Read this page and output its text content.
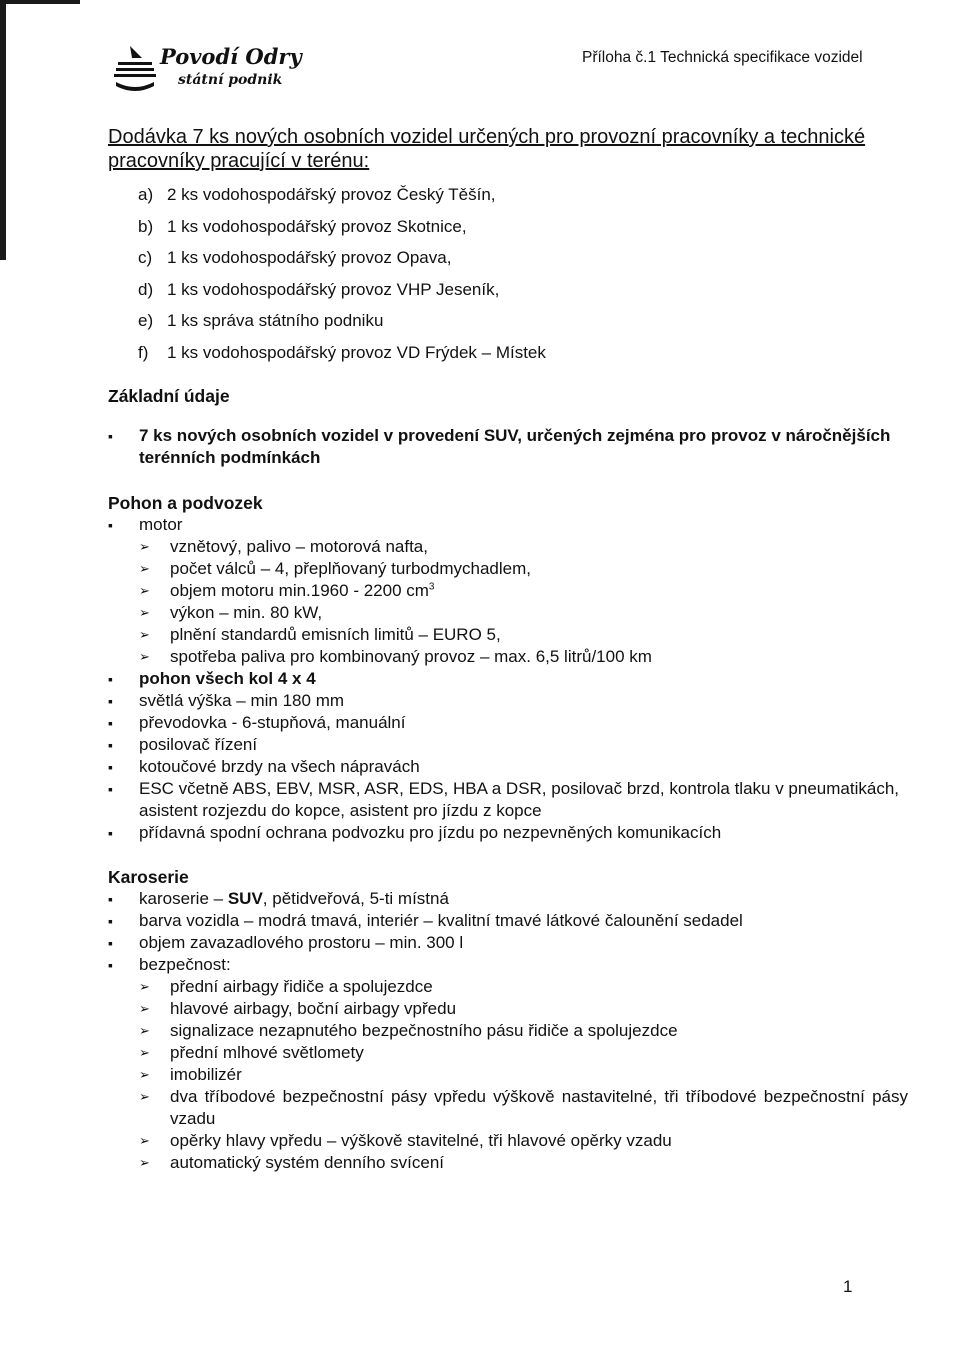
Povodí Odry
státní podnik
Příloha č.1 Technická specifikace vozidel
Dodávka 7 ks nových osobních vozidel určených pro provozní pracovníky a technické pracovníky pracující v terénu:
a) 2 ks vodohospodářský provoz Český Těšín,
b) 1 ks vodohospodářský provoz Skotnice,
c) 1 ks vodohospodářský provoz Opava,
d) 1 ks vodohospodářský provoz VHP Jeseník,
e) 1 ks správa státního podniku
f) 1 ks vodohospodářský provoz VD Frýdek – Místek
Základní údaje
▪ 7 ks nových osobních vozidel v provedení SUV, určených zejména pro provoz v náročnějších terénních podmínkách
Pohon a podvozek
▪ motor
➢ vznětový, palivo – motorová nafta,
➢ počet válců – 4, přeplňovaný turbodmychadlem,
➢ objem motoru min.1960 - 2200 $cm^3$
➢ výkon – min. 80 kW,
➢ plnění standardů emisních limitů – EURO 5,
➢ spotřeba paliva pro kombinovaný provoz – max. 6,5 litrů/100 km
▪ pohon všech kol 4 x 4
▪ světlá výška – min 180 mm
▪ převodovka - 6-stupňová, manuální
▪ posilovač řízení
▪ kotoučové brzdy na všech nápravách
▪ ESC včetně ABS, EBV, MSR, ASR, EDS, HBA a DSR, posilovač brzd, kontrola tlaku v pneumatikách, asistent rozjezdu do kopce, asistent pro jízdu z kopce
▪ přídavná spodní ochrana podvozku pro jízdu po nezpevněných komunikacích
Karoserie
▪ karoserie – SUV, pětidveřová, 5-ti místná
▪ barva vozidla – modrá tmavá, interiér – kvalitní tmavé látkové čalounění sedadel
▪ objem zavazadlového prostoru – min. 300 l
▪ bezpečnost:
➢ přední airbagy řidiče a spolujezdce
➢ hlavové airbagy, boční airbagy vpředu
➢ signalizace nezapnutého bezpečnostního pásu řidiče a spolujezdce
➢ přední mlhové světlomety
➢ imobilizér
➢ dva tříbodové bezpečnostní pásy vpředu výškově nastavitelné, tři tříbodové bezpečnostní pásy vzadu
➢ opěrky hlavy vpředu – výškově stavitelné, tři hlavové opěrky vzadu
➢ automatický systém denního svícení
1
